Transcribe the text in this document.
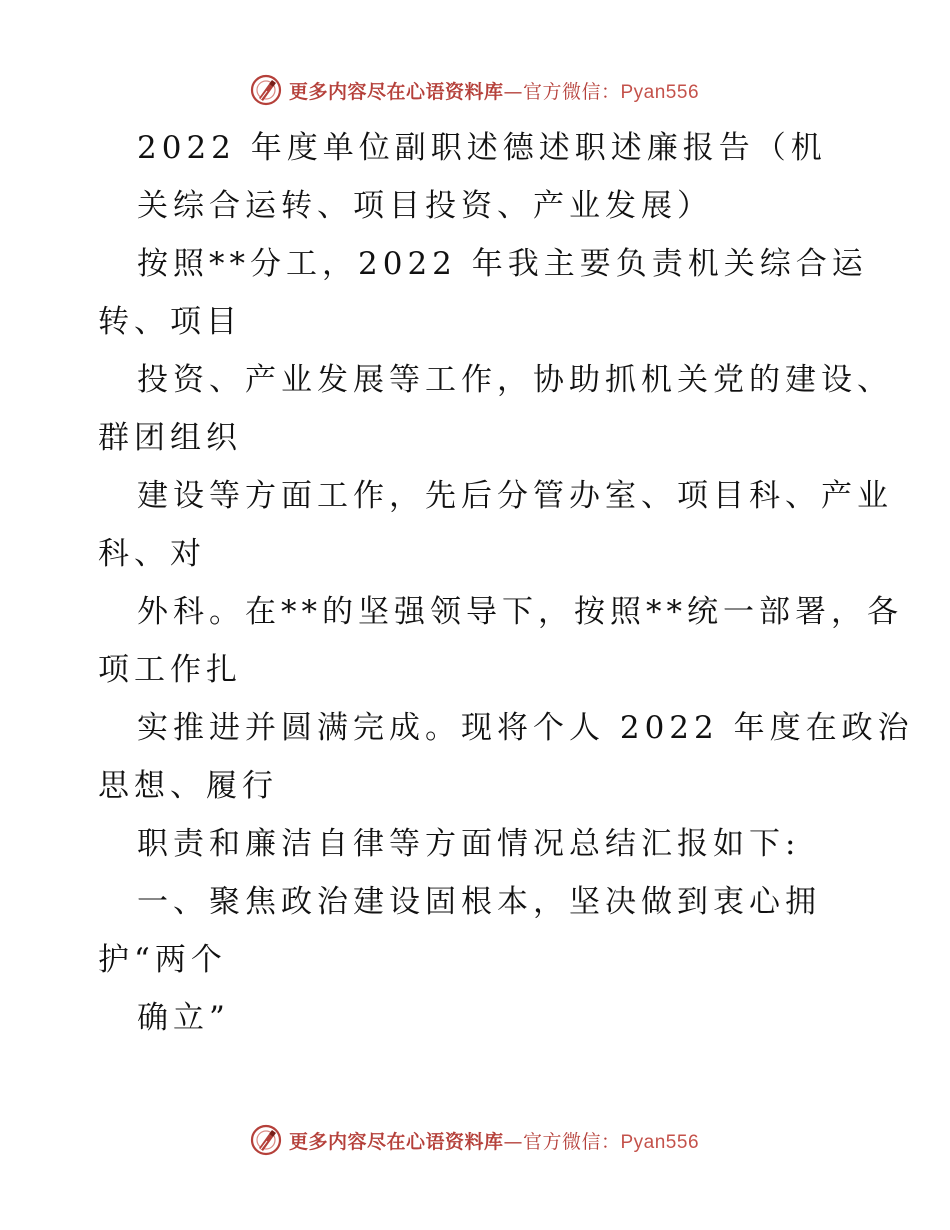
更多内容尽在心语资料库—官方微信：Pyan556
2022 年度单位副职述德述职述廉报告（机
关综合运转、项目投资、产业发展）
按照**分工，2022 年我主要负责机关综合运
转、项目
投资、产业发展等工作，协助抓机关党的建设、
群团组织
建设等方面工作，先后分管办室、项目科、产业
科、对
外科。在**的坚强领导下，按照**统一部署，各
项工作扎
实推进并圆满完成。现将个人 2022 年度在政治
思想、履行
职责和廉洁自律等方面情况总结汇报如下:
一、聚焦政治建设固根本，坚决做到衷心拥
护“两个
确立”
更多内容尽在心语资料库—官方微信：Pyan556
